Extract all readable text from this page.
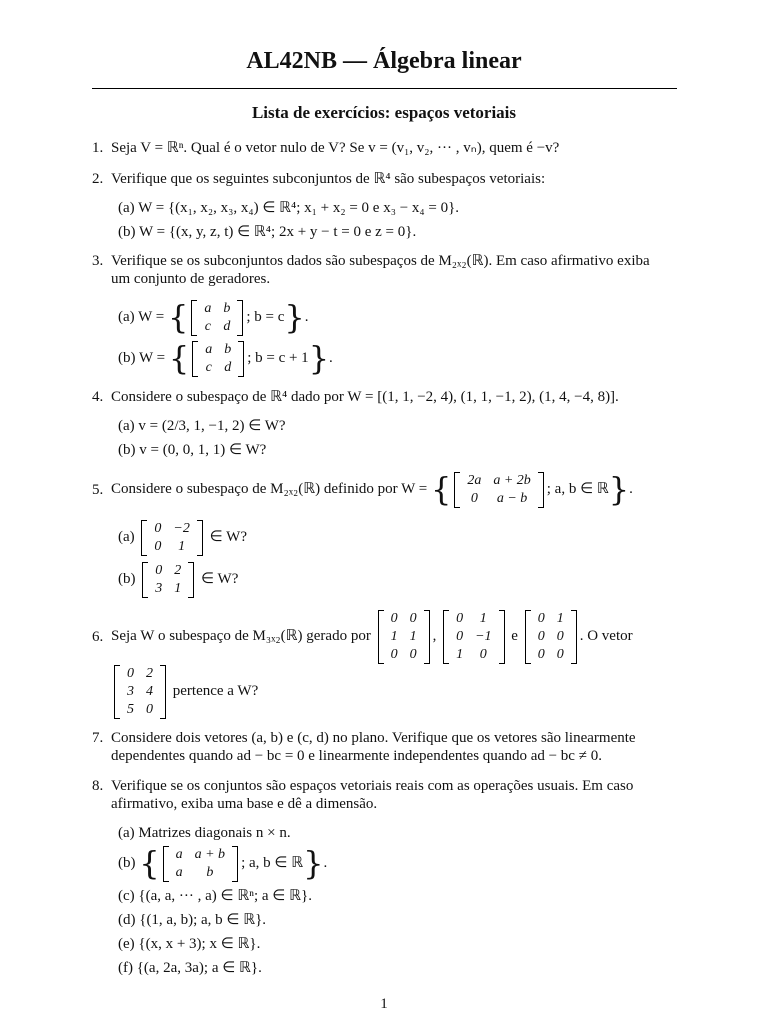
AL42NB — Álgebra linear
Lista de exercícios: espaços vetoriais
1. Seja V = ℝⁿ. Qual é o vetor nulo de V? Se v = (v₁, v₂, ··· , vₙ), quem é −v?
2. Verifique que os seguintes subconjuntos de ℝ⁴ são subespaços vetoriais:
(a) W = {(x₁, x₂, x₃, x₄) ∈ ℝ⁴; x₁ + x₂ = 0 e x₃ − x₄ = 0}.
(b) W = {(x, y, z, t) ∈ ℝ⁴; 2x + y − t = 0 e z = 0}.
3. Verifique se os subconjuntos dados são subespaços de M₂ₓ₂(ℝ). Em caso afirmativo exiba
um conjunto de geradores.
(a) W = { a	b
c	d
; b = c}.
(b) W = { a	b
c	d
; b = c + 1}.
4. Considere o subespaço de ℝ⁴ dado por W = [(1, 1, −2, 4), (1, 1, −1, 2), (1, 4, −4, 8)].
(a) v = (2/3, 1, −1, 2) ∈ W?
(b) v = (0, 0, 1, 1) ∈ W?
5. Considere o subespaço de M₂ₓ₂(ℝ) definido por W = { 2a	a + 2b
0	a − b
; a, b ∈ ℝ}.
(a)
0	−2
0	1
∈ W?
(b)
0	2
3	1
∈ W?
6. Seja W o subespaço de M₃ₓ₂(ℝ) gerado por
0	0
1	1
0	0
,
0	1
0	−1
1	0
e
0	1
0	0
0	0
. O vetor
0	2
3	4
5	0
pertence a W?
7. Considere dois vetores (a, b) e (c, d) no plano. Verifique que os vetores são linearmente
dependentes quando ad − bc = 0 e linearmente independentes quando ad − bc ≠ 0.
8. Verifique se os conjuntos são espaços vetoriais reais com as operações usuais. Em caso
afirmativo, exiba uma base e dê a dimensão.
(a) Matrizes diagonais n × n.
(b) { a	a + b
a	b
; a, b ∈ ℝ}.
(c) {(a, a, ··· , a) ∈ ℝⁿ; a ∈ ℝ}.
(d) {(1, a, b); a, b ∈ ℝ}.
(e) {(x, x + 3); x ∈ ℝ}.
(f) {(a, 2a, 3a); a ∈ ℝ}.
1
